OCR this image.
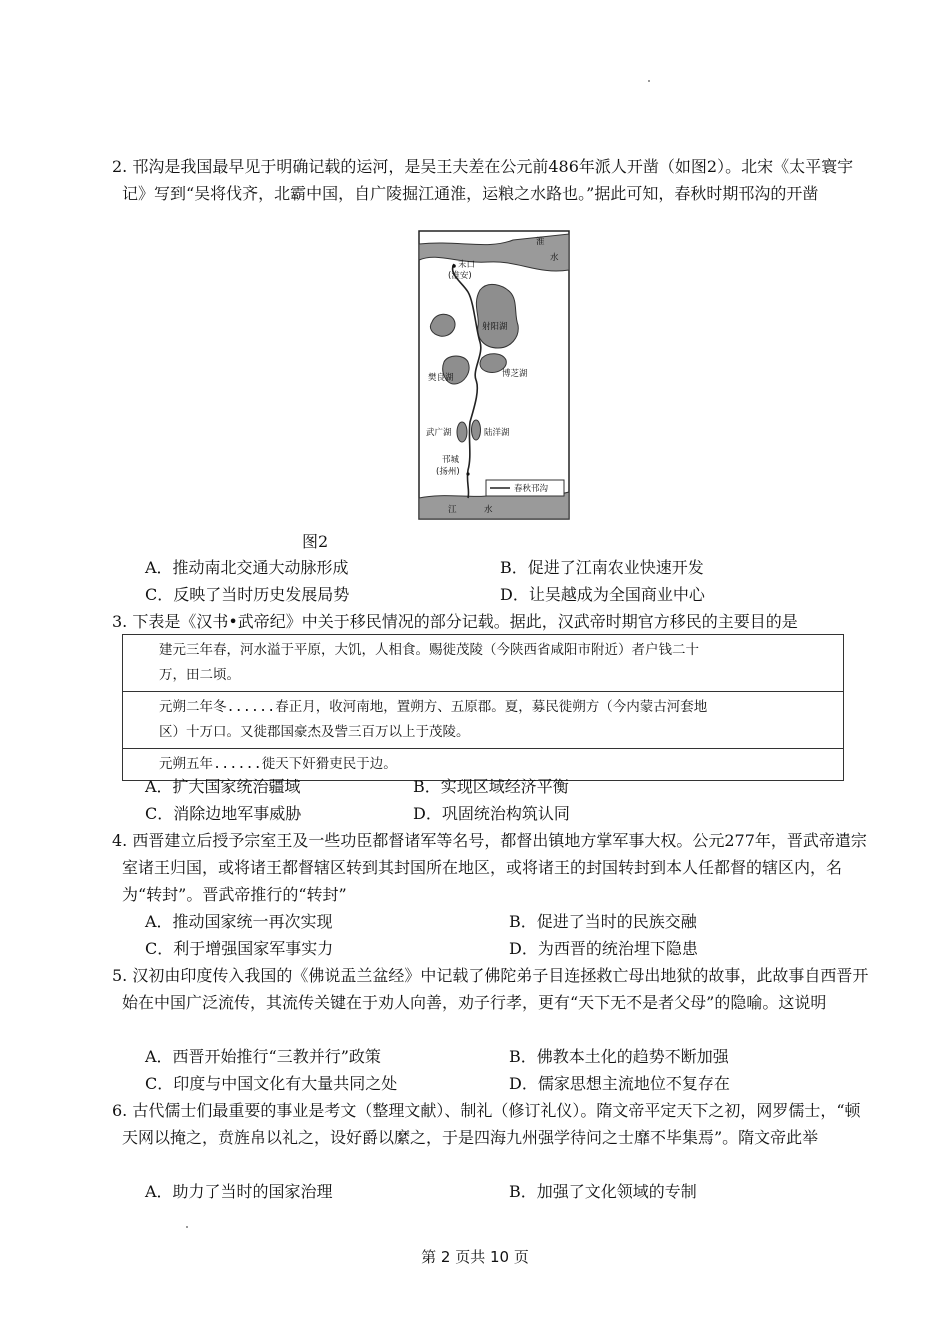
2. 邗沟是我国最早见于明确记载的运河，是吴王夫差在公元前486年派人开凿（如图2）。北宋《太平寰宇记》写到“吴将伐齐，北霸中国，自广陵掘江通淮，运粮之水路也。”据此可知，春秋时期邗沟的开凿
淮
水
末口
(淮安)
射阳湖
樊良湖	博芝湖
武广湖	陆洋湖
邗城
(扬州)
江	水
春秋邗沟
图2
A．推动南北交通大动脉形成	B．促进了江南农业快速开发
C．反映了当时历史发展局势	D．让吴越成为全国商业中心
3. 下表是《汉书•武帝纪》中关于移民情况的部分记载。据此，汉武帝时期官方移民的主要目的是
建元三年春，河水溢于平原，大饥，人相食。赐徙茂陵（今陕西省咸阳市附近）者户钱二十
万，田二顷。

元朔二年冬......春正月，收河南地，置朔方、五原郡。夏，募民徙朔方（今内蒙古河套地
区）十万口。又徙郡国豪杰及訾三百万以上于茂陵。

元朔五年......徙天下奸猾吏民于边。
A．扩大国家统治疆域	B．实现区域经济平衡
C．消除边地军事威胁	D．巩固统治构筑认同
4. 西晋建立后授予宗室王及一些功臣都督诸军等名号，都督出镇地方掌军事大权。公元277年，晋武帝遣宗室诸王归国，或将诸王都督辖区转到其封国所在地区，或将诸王的封国转封到本人任都督的辖区内，名为“转封”。晋武帝推行的“转封”
A．推动国家统一再次实现	B．促进了当时的民族交融
C．利于增强国家军事实力	D．为西晋的统治埋下隐患
5. 汉初由印度传入我国的《佛说盂兰盆经》中记载了佛陀弟子目连拯救亡母出地狱的故事，此故事自西晋开始在中国广泛流传，其流传关键在于劝人向善，劝子行孝，更有“天下无不是者父母”的隐喻。这说明
A．西晋开始推行“三教并行”政策	B．佛教本土化的趋势不断加强
C．印度与中国文化有大量共同之处	D．儒家思想主流地位不复存在
6. 古代儒士们最重要的事业是考文（整理文献）、制礼（修订礼仪）。隋文帝平定天下之初，网罗儒士，“顿天网以掩之，贲旌帛以礼之，设好爵以縻之，于是四海九州强学待问之士靡不毕集焉”。隋文帝此举
A．助力了当时的国家治理	B．加强了文化领域的专制
第 2 页共 10 页
